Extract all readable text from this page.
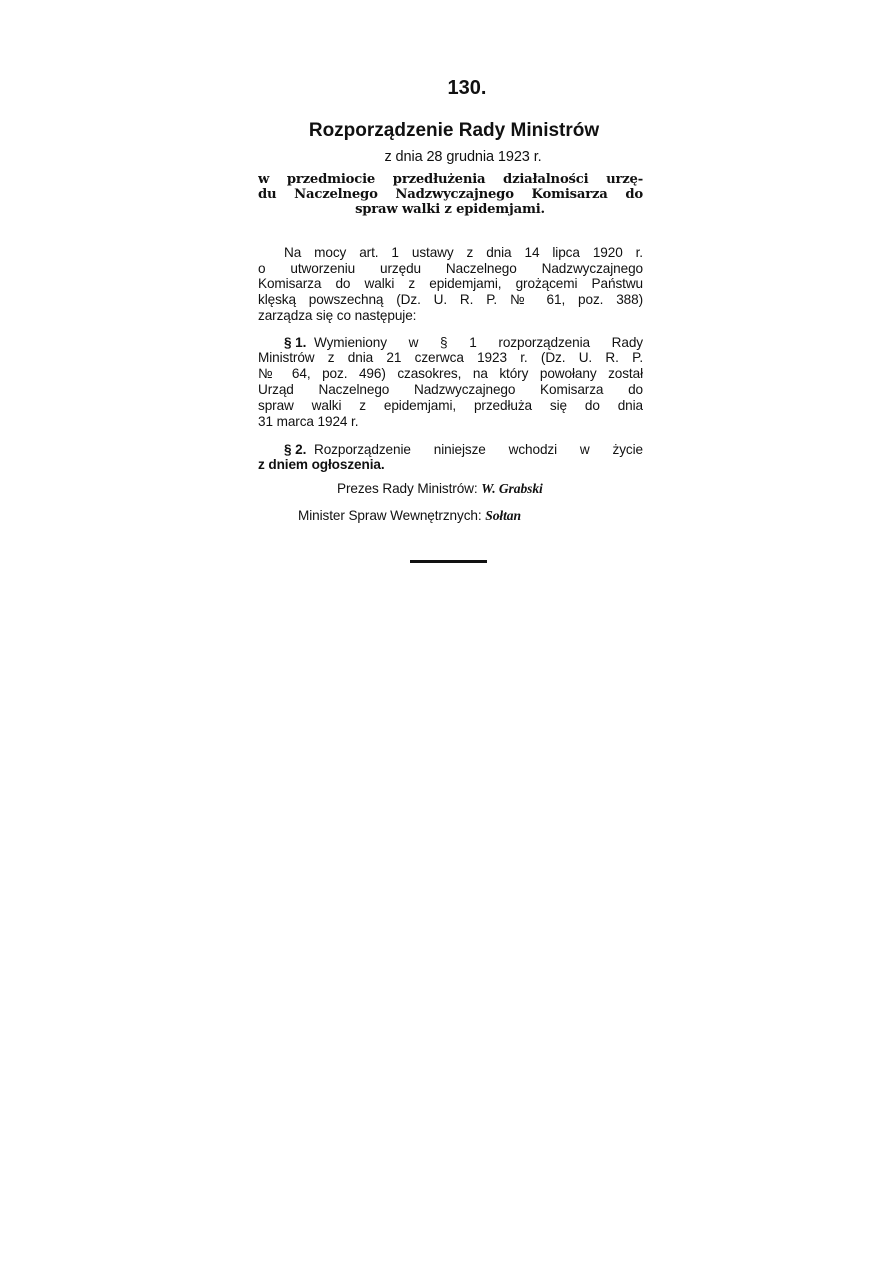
130.
Rozporządzenie Rady Ministrów
z dnia 28 grudnia 1923 r.
w przedmiocie przedłużenia działalności urzę-
du Naczelnego Nadzwyczajnego Komisarza do
spraw walki z epidemjami.
Na mocy art. 1 ustawy z dnia 14 lipca 1920 r.
o utworzeniu urzędu Naczelnego Nadzwyczajnego
Komisarza do walki z epidemjami, grożącemi Państwu
klęską powszechną (Dz. U. R. P. № 61, poz. 388)
zarządza się co następuje:
§ 1. Wymieniony w § 1 rozporządzenia Rady
Ministrów z dnia 21 czerwca 1923 r. (Dz. U. R. P.
№ 64, poz. 496) czasokres, na który powołany został
Urząd Naczelnego Nadzwyczajnego Komisarza do
spraw walki z epidemjami, przedłuża się do dnia
31 marca 1924 r.
§ 2. Rozporządzenie niniejsze wchodzi w życie
z dniem ogłoszenia.
Prezes Rady Ministrów: W. Grabski
Minister Spraw Wewnętrznych: Sołtan
